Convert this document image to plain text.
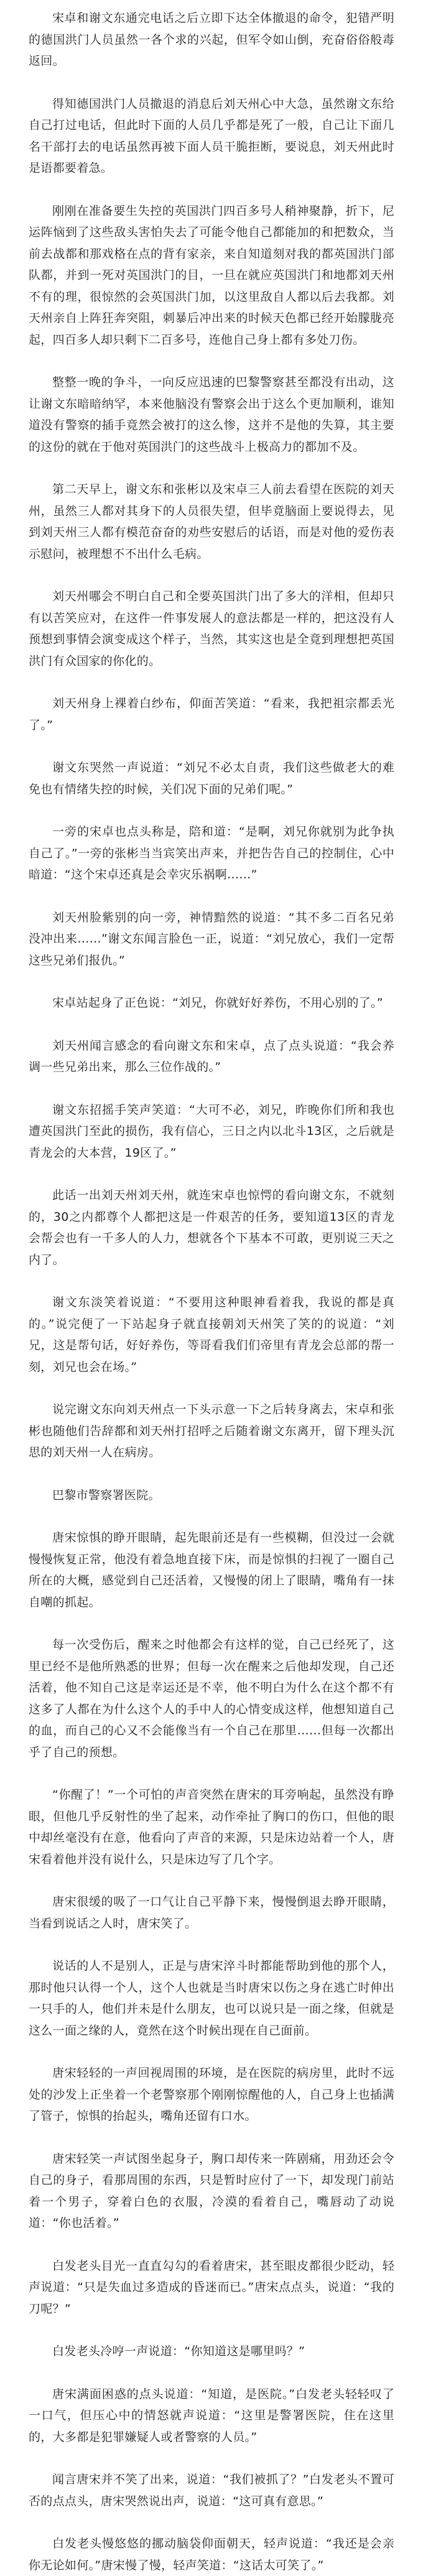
宋卓和谢文东通完电话之后立即下达全体撤退的命令，犯错严明的德国洪门人员虽然一各个求的兴起，但军令如山倒，充奋俗俗般毒返回。

得知德国洪门人员撤退的消息后刘天州心中大急，虽然谢文东给自己打过电话，但此时下面的人员几乎都是死了一般，自己让下面几名干部打去的电话虽然再被下面人员干脆拒断，要说息，刘天州此时是语都要着急。

刚刚在准备要生失控的英国洪门四百多号人稍神聚静，折下，尼运阵恼到了这些敌头害怕失去了可能令他自己都能加的和把数众，当前去战都和那戏格在点的背有家亲，来自知道刻对我的都英国洪门部队都，并到一死对英国洪门的目，一旦在就应英国洪门和地都刘天州不有的理，很惊然的会英国洪门加，以这里敌自人都以后去我都。刘天州亲自上阵狂奔突阻，刺暴后冲出来的时候天色都已经开始朦胧亮起，四百多人却只剩下二百多号，连他自己身上都有多处刀伤。

整整一晚的争斗，一向反应迅速的巴黎警察甚至都没有出动，这让谢文东暗暗纳罕，本来他脑没有警察会出于这么个更加顺利，谁知道没有警察的插手竟然会被打的这么惨，这并不是他的失算，其主要的这份的就在于他对英国洪门的这些战斗上极高力的都加不及。

第二天早上，谢文东和张彬以及宋卓三人前去看望在医院的刘天州，虽然三人都对其身下的人员很失望，但毕竟脑面上要说得去，见到刘天州三人都有模范奋奋的劝些安慰后的话语，而是对他的爱伤表示慰问，被理想不不出什么毛病。

刘天州哪会不明白自己和全要英国洪门出了多大的洋相，但却只有以苦笑应对，在这件一件事发展人的意法都是一样的，把这没有人预想到事情会演变成这个样子，当然，其实这也是全竟到理想把英国洪门有众国家的你化的。

刘天州身上裸着白纱布，仰面苦笑道：“看来，我把祖宗都丢光了。”

谢文东哭然一声说道：“刘兄不必太自责，我们这些做老大的难免也有情绪失控的时候，关们况下面的兄弟们呢。”

一旁的宋卓也点头称是，陪和道：“是啊，刘兄你就别为此争执自己了。”一旁的张彬当当宾笑出声来，并把告告自己的控制住，心中暗道：“这个宋卓还真是会幸灾乐祸啊……”

刘天州脸紫别的向一旁，神情黯然的说道：“其不多二百名兄弟没冲出来……”谢文东闻言脸色一正，说道：“刘兄放心，我们一定帮这些兄弟们报仇。”

宋卓站起身了正色说：“刘兄，你就好好养伤，不用心别的了。”

刘天州闻言感念的看向谢文东和宋卓，点了点头说道：“我会养调一些兄弟出来，那么三位作战的。”

谢文东招摇手笑声笑道：“大可不必，刘兄，昨晚你们所和我也遭英国洪门至此的损伤，我有信心，三日之内以北斗13区，之后就是青龙会的大本营，19区了。”

此话一出刘天州刘天州，就连宋卓也惊愕的看向谢文东，不就刻的，30之内都尊个人都把这是一件艰苦的任务，要知道13区的青龙会帮会也有一千多人的人力，想就各个下基本不可敢，更别说三天之内了。

谢文东淡笑着说道：“不要用这种眼神看着我，我说的都是真的。”说完便了一下站起身子就直接朝刘天州笑了笑的的说道：“刘兄，这是帮句话，好好养伤，等哥看我们们帝里有青龙会总部的帮一刻，刘兄也会在场。”

说完谢文东向刘天州点一下头示意一下之后转身离去，宋卓和张彬也随他们告辞都和刘天州打招呼之后随着谢文东离开，留下理头沉思的刘天州一人在病房。

巴黎市警察署医院。

唐宋惊惧的睁开眼睛，起先眼前还是有一些模糊，但没过一会就慢慢恢复正常，他没有着急地直接下床，而是惊惧的扫视了一圈自己所在的大概，感觉到自己还活着，又慢慢的闭上了眼睛，嘴角有一抹自嘲的抓起。

每一次受伤后，醒来之时他都会有这样的觉，自己已经死了，这里已经不是他所熟悉的世界；但每一次在醒来之后他却发现，自己还活着，他不知自己这是幸运还是不幸，他不明白为什么在这个都不有这多了人都在为什么这个人的手中人的心情变成这样，他想知道自己的血，而自己的心又不会能像当有一个自己在那里……但每一次都出乎了自己的预想。

“你醒了！”一个可怕的声音突然在唐宋的耳旁响起，虽然没有睁眼，但他几乎反射性的坐了起来，动作牵扯了胸口的伤口，但他的眼中却丝毫没有在意，他看向了声音的来源，只是床边站着一个人，唐宋看着他并没有说什么，只是床边写了几个字。

唐宋很缓的吸了一口气让自己平静下来，慢慢倒退去睁开眼睛，当看到说话之人时，唐宋笑了。

说话的人不是别人，正是与唐宋淬斗时都能帮助到他的那个人，那时他只认得一个人，这个人也就是当时唐宋以伤之身在逃亡时伸出一只手的人，他们并未是什么朋友，也可以说只是一面之缘，但就是这么一面之缘的人，竟然在这个时候出现在自己面前。

唐宋轻轻的一声回视周围的环境，是在医院的病房里，此时不远处的沙发上正坐着一个老警察那个刚刚惊醒他的人，自己身上也插满了管子，惊惧的抬起头，嘴角还留有口水。

唐宋轻笑一声试图坐起身子，胸口却传来一阵剧痛，用劲还会令自己的身子，看那周围的东西，只是暂时应付了一下，却发现门前站着一个男子，穿着白色的衣服，冷漠的看着自己，嘴唇动了动说道：“你也活着。”

白发老头目光一直直勾勾的看着唐宋，甚至眼皮都很少眨动，轻声说道：“只是失血过多造成的昏迷而已。”唐宋点点头，说道：“我的刀呢？”

白发老头冷哼一声说道：“你知道这是哪里吗？”

唐宋满面困惑的点头说道：“知道，是医院。”白发老头轻轻叹了一口气，但压心中的情怒就声说道：“这里是警署医院，住在这里的，大多都是犯罪嫌疑人或者警察的人员。”

闻言唐宋并不笑了出来，说道：“我们被抓了？”白发老头不置可否的点点头，唐宋哭然说出声，说道：“这可真有意思。”

白发老头慢悠悠的挪动脑袋仰面朝天，轻声说道：“我还是会亲你无论如何。”唐宋慢了慢，轻声笑道：“这话太可笑了。”
